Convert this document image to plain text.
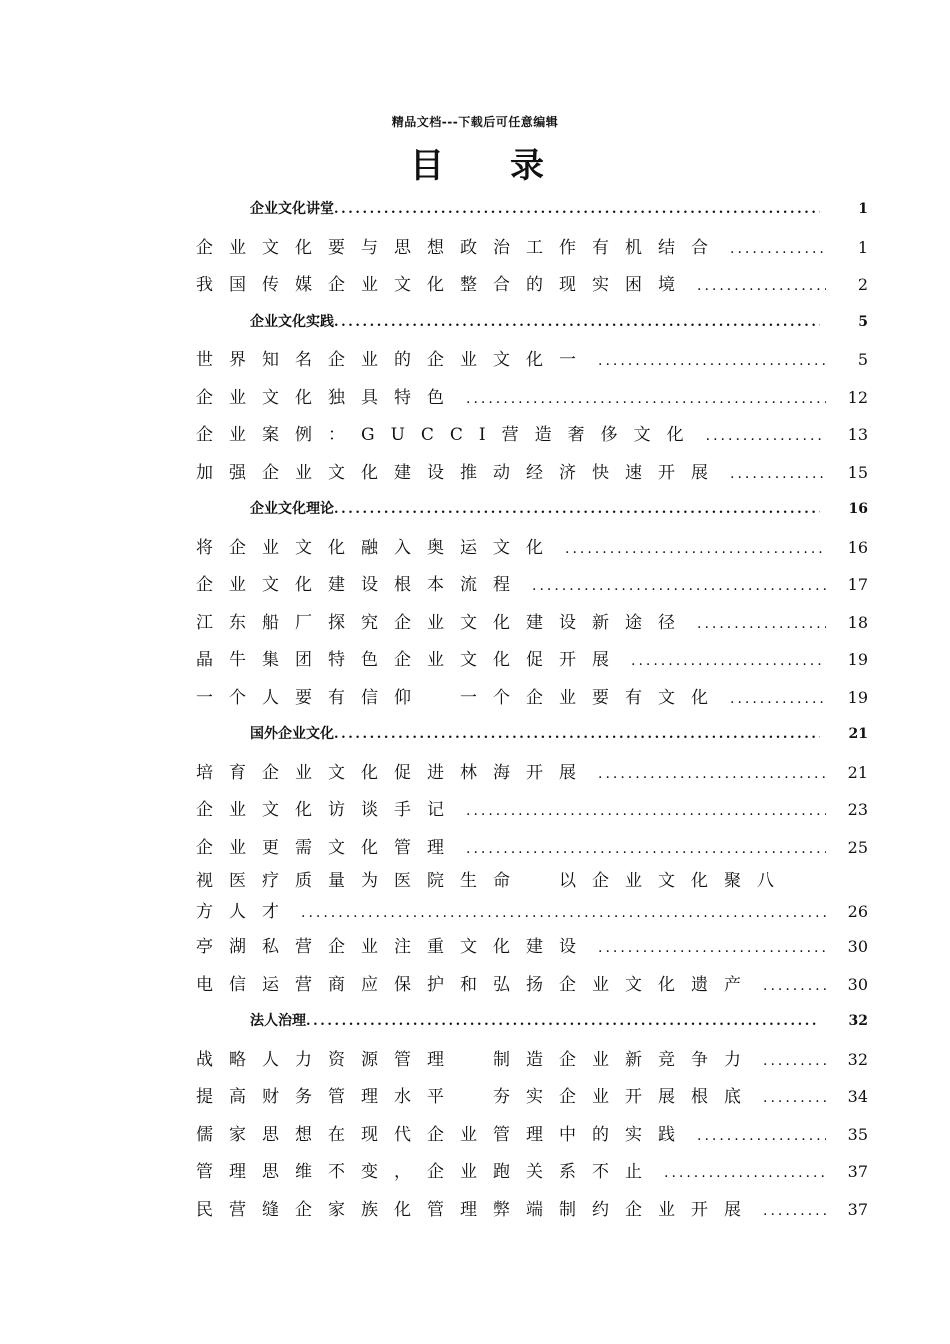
精品文档---下载后可任意编辑
目录
企业文化讲堂 .....	1
企业文化要与思想政治工作有机结合 .....	1
我国传媒企业文化整合的现实困境 .....	2
企业文化实践 .....	5
世界知名企业的企业文化一 .....	5
企业文化独具特色 .....	12
企业案例：GUCCI营造奢侈文化 .....	13
加强企业文化建设推动经济快速开展 .....	15
企业文化理论 .....	16
将企业文化融入奥运文化 .....	16
企业文化建设根本流程 .....	17
江东船厂探究企业文化建设新途径 .....	18
晶牛集团特色企业文化促开展 .....	19
一个人要有信仰　一个企业要有文化 .....	19
国外企业文化 .....	21
培育企业文化促进林海开展 .....	21
企业文化访谈手记 .....	23
企业更需文化管理 .....	25
视医疗质量为医院生命　以企业文化聚八
方人才 .....	26
亭湖私营企业注重文化建设 .....	30
电信运营商应保护和弘扬企业文化遗产 .....	30
法人治理 .....	32
战略人力资源管理　制造企业新竞争力 .....	32
提高财务管理水平　夯实企业开展根底 .....	34
儒家思想在现代企业管理中的实践 .....	35
管理思维不变，企业跑关系不止 .....	37
民营缝企家族化管理弊端制约企业开展 .....	37
